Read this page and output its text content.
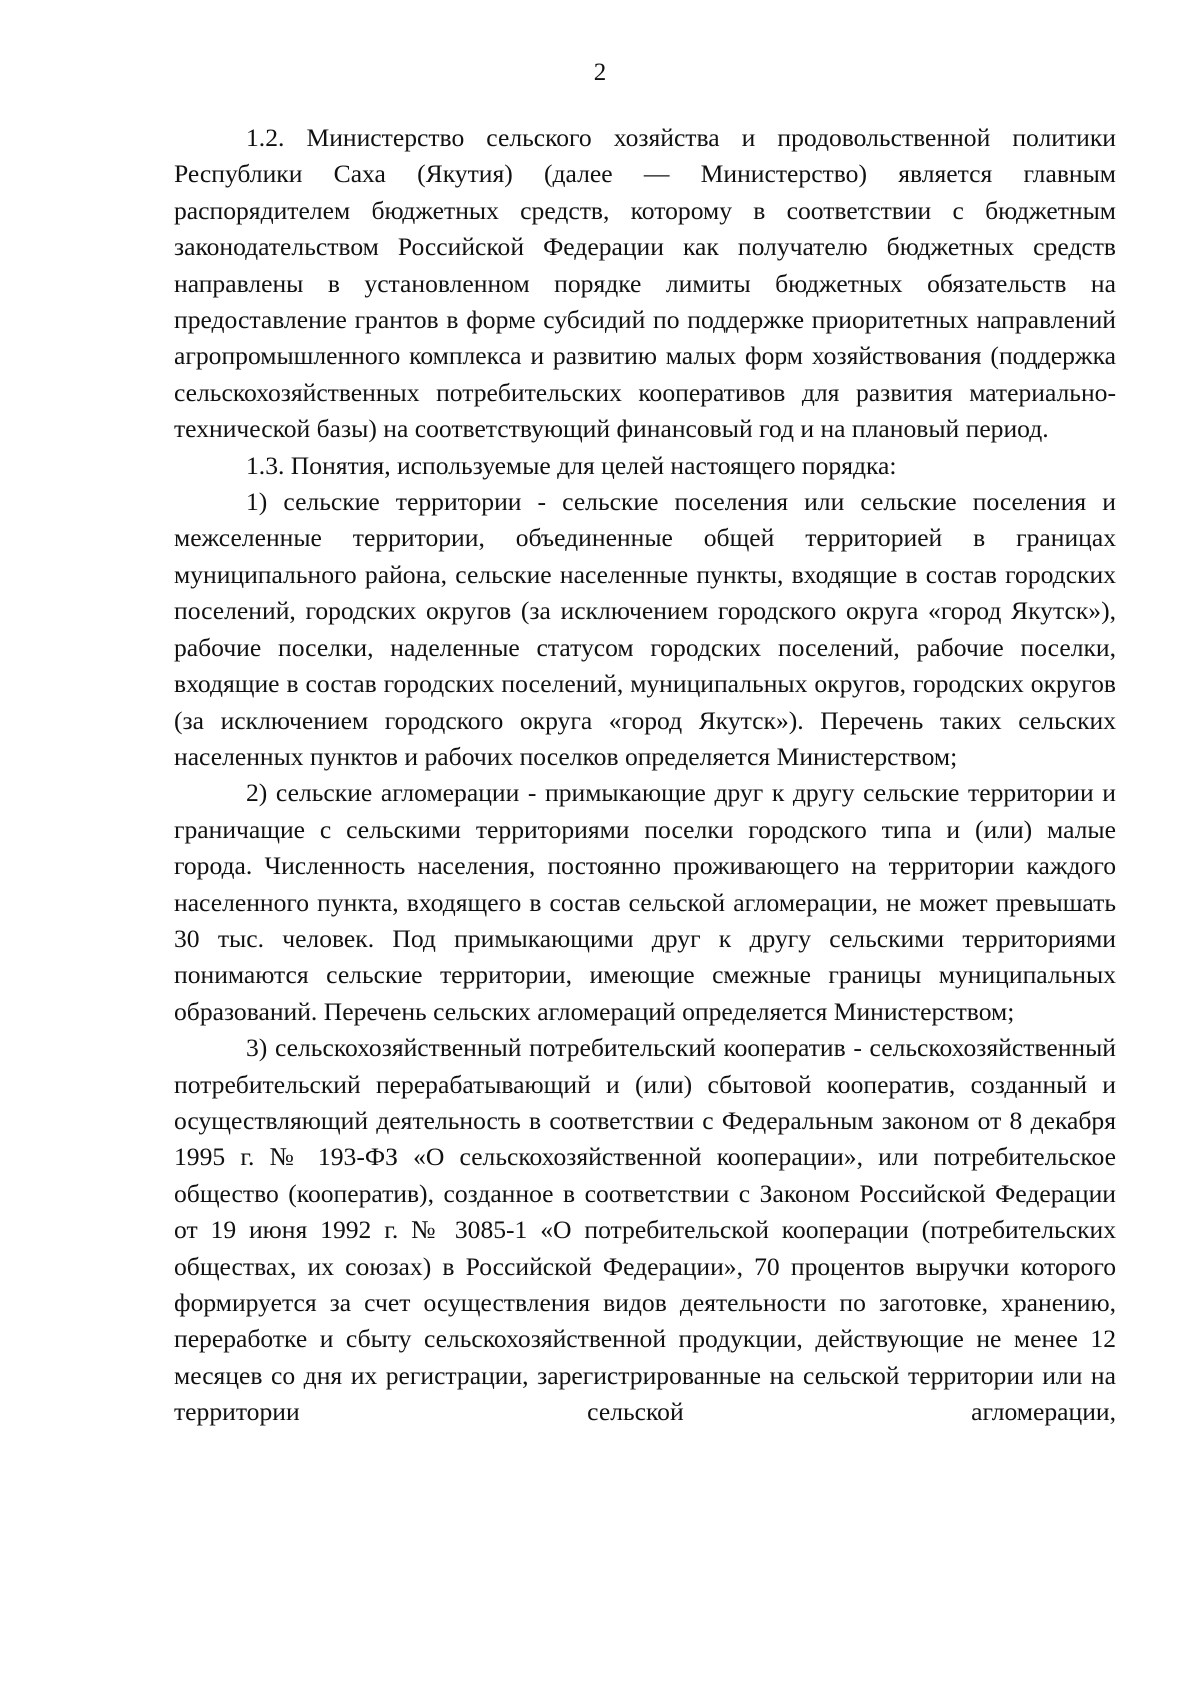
2

1.2. Министерство сельского хозяйства и продовольственной политики Республики Саха (Якутия) (далее — Министерство) является главным распорядителем бюджетных средств, которому в соответствии с бюджетным законодательством Российской Федерации как получателю бюджетных средств направлены в установленном порядке лимиты бюджетных обязательств на предоставление грантов в форме субсидий по поддержке приоритетных направлений агропромышленного комплекса и развитию малых форм хозяйствования (поддержка сельскохозяйственных потребительских кооперативов для развития материально-технической базы) на соответствующий финансовый год и на плановый период.

1.3. Понятия, используемые для целей настоящего порядка:

1) сельские территории - сельские поселения или сельские поселения и межселенные территории, объединенные общей территорией в границах муниципального района, сельские населенные пункты, входящие в состав городских поселений, городских округов (за исключением городского округа «город Якутск»), рабочие поселки, наделенные статусом городских поселений, рабочие поселки, входящие в состав городских поселений, муниципальных округов, городских округов (за исключением городского округа «город Якутск»). Перечень таких сельских населенных пунктов и рабочих поселков определяется Министерством;

2) сельские агломерации - примыкающие друг к другу сельские территории и граничащие с сельскими территориями поселки городского типа и (или) малые города. Численность населения, постоянно проживающего на территории каждого населенного пункта, входящего в состав сельской агломерации, не может превышать 30 тыс. человек. Под примыкающими друг к другу сельскими территориями понимаются сельские территории, имеющие смежные границы муниципальных образований. Перечень сельских агломераций определяется Министерством;

3) сельскохозяйственный потребительский кооператив - сельскохозяйственный потребительский перерабатывающий и (или) сбытовой кооператив, созданный и осуществляющий деятельность в соответствии с Федеральным законом от 8 декабря 1995 г. № 193-ФЗ «О сельскохозяйственной кооперации», или потребительское общество (кооператив), созданное в соответствии с Законом Российской Федерации от 19 июня 1992 г. № 3085-1 «О потребительской кооперации (потребительских обществах, их союзах) в Российской Федерации», 70 процентов выручки которого формируется за счет осуществления видов деятельности по заготовке, хранению, переработке и сбыту сельскохозяйственной продукции, действующие не менее 12 месяцев со дня их регистрации, зарегистрированные на сельской территории или на территории сельской агломерации,
